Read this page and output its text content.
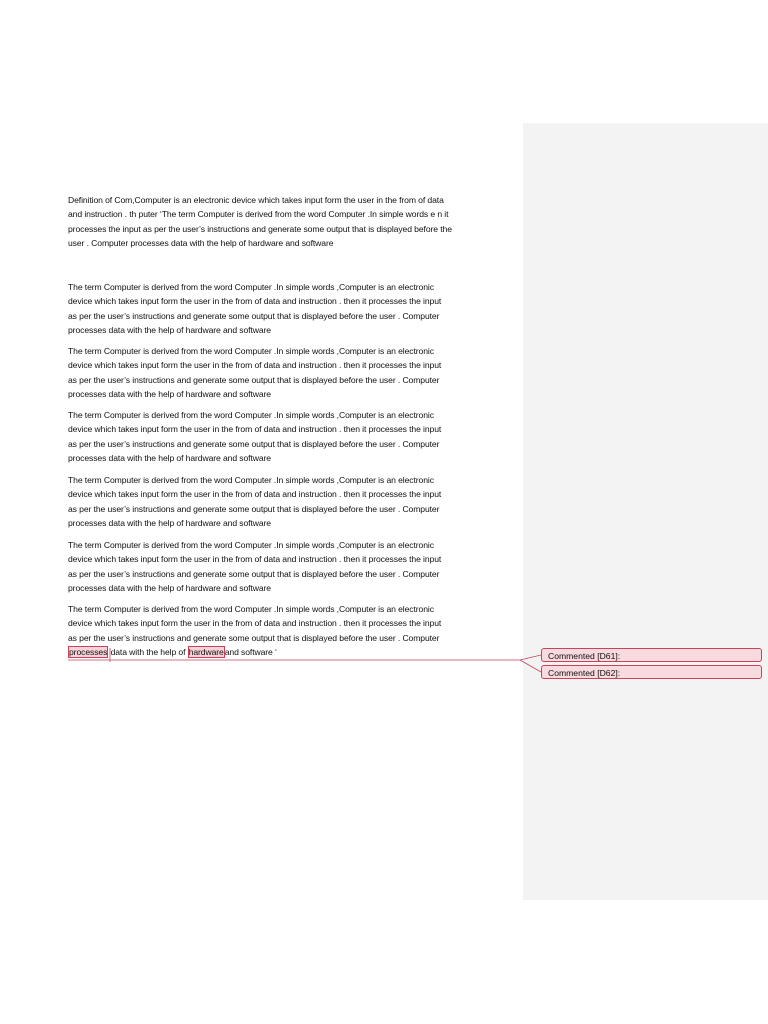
Definition of Com,Computer is an electronic device which takes input form the user in the from of data
and instruction . th puter ‘The term Computer is derived from the word Computer .In simple words e n it
processes the input as per the user’s instructions and generate some output that is displayed before the
user . Computer processes data with the help of hardware and software
The term Computer is derived from the word Computer .In simple words ,Computer is an electronic
device which takes input form the user in the from of data and instruction . then it processes the input
as per the user’s instructions and generate some output that is displayed before the user . Computer
processes data with the help of hardware and software
The term Computer is derived from the word Computer .In simple words ,Computer is an electronic
device which takes input form the user in the from of data and instruction . then it processes the input
as per the user’s instructions and generate some output that is displayed before the user . Computer
processes data with the help of hardware and software
The term Computer is derived from the word Computer .In simple words ,Computer is an electronic
device which takes input form the user in the from of data and instruction . then it processes the input
as per the user’s instructions and generate some output that is displayed before the user . Computer
processes data with the help of hardware and software
The term Computer is derived from the word Computer .In simple words ,Computer is an electronic
device which takes input form the user in the from of data and instruction . then it processes the input
as per the user’s instructions and generate some output that is displayed before the user . Computer
processes data with the help of hardware and software
The term Computer is derived from the word Computer .In simple words ,Computer is an electronic
device which takes input form the user in the from of data and instruction . then it processes the input
as per the user’s instructions and generate some output that is displayed before the user . Computer
processes data with the help of hardware and software
The term Computer is derived from the word Computer .In simple words ,Computer is an electronic
device which takes input form the user in the from of data and instruction . then it processes the input
as per the user’s instructions and generate some output that is displayed before the user . Computer
processes data with the help of hardwareand software ‘	Commented [D61]:
Commented [D62]:
